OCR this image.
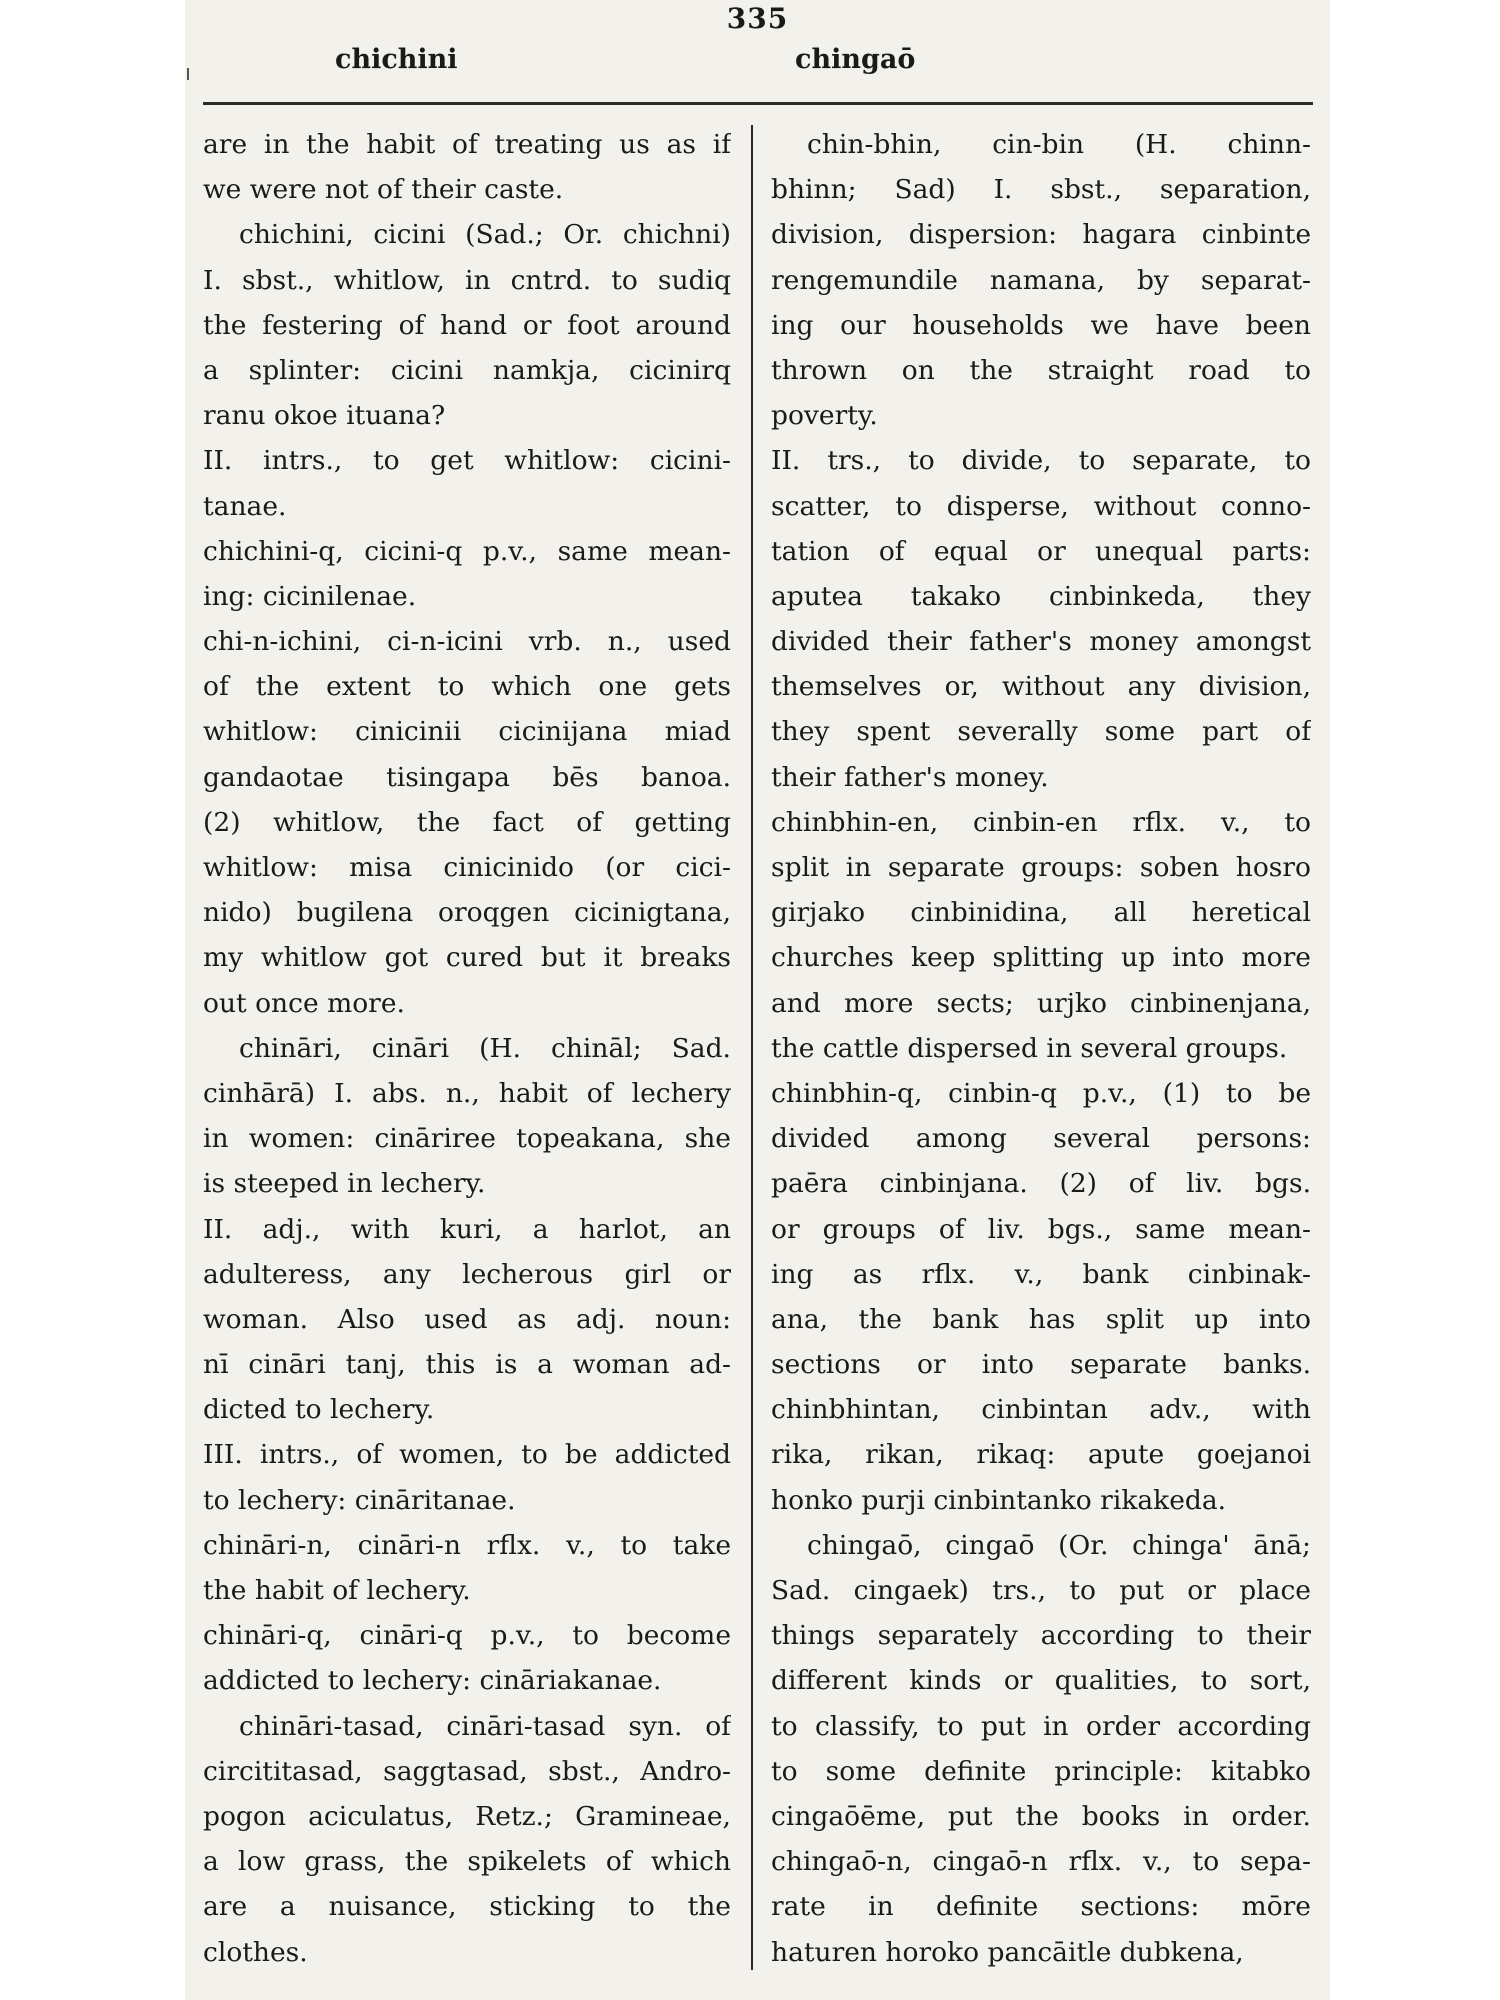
335
chichini	chingaō
are in the habit of treating us as if
we were not of their caste.
chichini, cicini (Sad.; Or. chichni)
I. sbst., whitlow, in cntrd. to sudiq
the festering of hand or foot around
a splinter: cicini namkja, cicinirq
ranu okoe ituana?
II. intrs., to get whitlow: cicini-
tanae.
chichini-q, cicini-q p.v., same mean-
ing: cicinilenae.
chi-n-ichini, ci-n-icini vrb. n., used
of the extent to which one gets
whitlow: cinicinii cicinijana miad
gandaotae tisingapa bēs banoa.
(2) whitlow, the fact of getting
whitlow: misa cinicinido (or cici-
nido) bugilena oroqgen cicinigtana,
my whitlow got cured but it breaks
out once more.
chināri, cināri (H. chināl; Sad.
cinhārā) I. abs. n., habit of lechery
in women: cināriree topeakana, she
is steeped in lechery.
II. adj., with kuri, a harlot, an
adulteress, any lecherous girl or
woman. Also used as adj. noun:
nī cināri tanj, this is a woman ad-
dicted to lechery.
III. intrs., of women, to be addicted
to lechery: cināritanae.
chināri-n, cināri-n rflx. v., to take
the habit of lechery.
chināri-q, cināri-q p.v., to become
addicted to lechery: cināriakanae.
chināri-tasad, cināri-tasad syn. of
circititasad, saggtasad, sbst., Andro-
pogon aciculatus, Retz.; Gramineae,
a low grass, the spikelets of which
are a nuisance, sticking to the
clothes.
chin-bhin, cin-bin (H. chinn-
bhinn; Sad) I. sbst., separation,
division, dispersion: hagara cinbinte
rengemundile namana, by separat-
ing our households we have been
thrown on the straight road to
poverty.
II. trs., to divide, to separate, to
scatter, to disperse, without conno-
tation of equal or unequal parts:
aputea takako cinbinkeda, they
divided their father's money amongst
themselves or, without any division,
they spent severally some part of
their father's money.
chinbhin-en, cinbin-en rflx. v., to
split in separate groups: soben hosro
girjako cinbinidina, all heretical
churches keep splitting up into more
and more sects; urjko cinbinenjana,
the cattle dispersed in several groups.
chinbhin-q, cinbin-q p.v., (1) to be
divided among several persons:
paēra cinbinjana. (2) of liv. bgs.
or groups of liv. bgs., same mean-
ing as rflx. v., bank cinbinak-
ana, the bank has split up into
sections or into separate banks.
chinbhintan, cinbintan adv., with
rika, rikan, rikaq: apute goejanoi
honko purji cinbintanko rikakeda.
chingaō, cingaō (Or. chinga' ānā;
Sad. cingaek) trs., to put or place
things separately according to their
different kinds or qualities, to sort,
to classify, to put in order according
to some definite principle: kitabko
cingaōēme, put the books in order.
chingaō-n, cingaō-n rflx. v., to sepa-
rate in definite sections: mōre
haturen horoko pancāitle dubkena,
